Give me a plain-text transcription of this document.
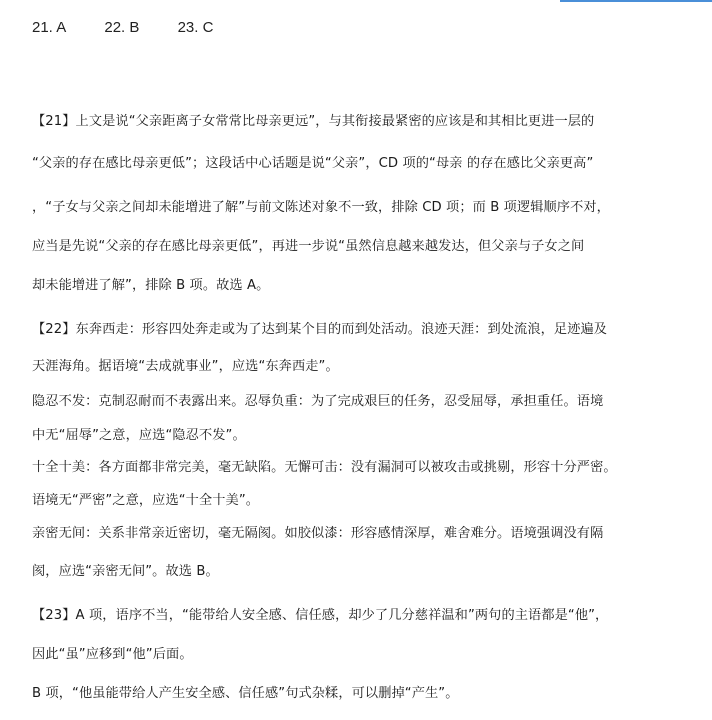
21. A	22. B	23. C
【21】上文是说“父亲距离子女常常比母亲更远”，与其衔接最紧密的应该是和其相比更进一层的
“父亲的存在感比母亲更低”；这段话中心话题是说“父亲”，CD 项的“母亲 的存在感比父亲更高”
，“子女与父亲之间却未能增进了解”与前文陈述对象不一致，排除 CD 项；而 B 项逻辑顺序不对，
应当是先说“父亲的存在感比母亲更低”，再进一步说“虽然信息越来越发达，但父亲与子女之间
却未能增进了解”，排除 B 项。故选 A。
【22】东奔西走：形容四处奔走或为了达到某个目的而到处活动。浪迹天涯：到处流浪，足迹遍及
天涯海角。据语境“去成就事业”，应选“东奔西走”。
隐忍不发：克制忍耐而不表露出来。忍辱负重：为了完成艰巨的任务，忍受屈辱，承担重任。语境
中无“屈辱”之意，应选“隐忍不发”。
十全十美：各方面都非常完美，毫无缺陷。无懈可击：没有漏洞可以被攻击或挑剔，形容十分严密。
语境无“严密”之意，应选“十全十美”。
亲密无间：关系非常亲近密切，毫无隔阂。如胶似漆：形容感情深厚，难舍难分。语境强调没有隔
阂，应选“亲密无间”。故选 B。
【23】A 项，语序不当，“能带给人安全感、信任感，却少了几分慈祥温和”两句的主语都是“他”，
因此“虽”应移到“他”后面。
B 项，“他虽能带给人产生安全感、信任感”句式杂糅，可以删掉“产生”。
